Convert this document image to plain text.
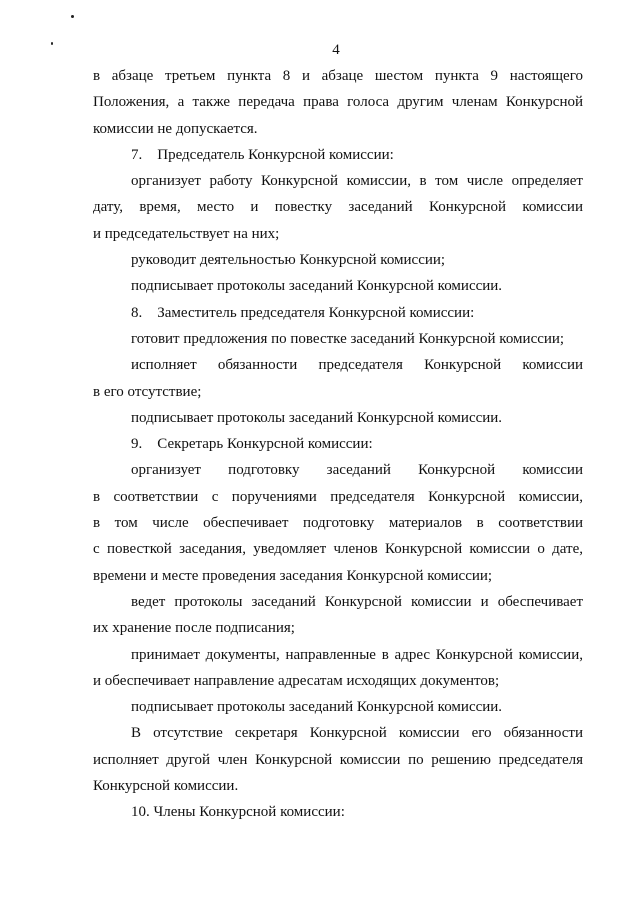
4
в абзаце третьем пункта 8 и абзаце шестом пункта 9 настоящего
Положения, а также передача права голоса другим членам Конкурсной
комиссии не допускается.
7.    Председатель Конкурсной комиссии:
организует работу Конкурсной комиссии, в том числе определяет
дату, время, место и повестку заседаний Конкурсной комиссии
и председательствует на них;
руководит деятельностью Конкурсной комиссии;
подписывает протоколы заседаний Конкурсной комиссии.
8.    Заместитель председателя Конкурсной комиссии:
готовит предложения по повестке заседаний Конкурсной комиссии;
исполняет обязанности председателя Конкурсной комиссии
в его отсутствие;
подписывает протоколы заседаний Конкурсной комиссии.
9.    Секретарь Конкурсной комиссии:
организует подготовку заседаний Конкурсной комиссии
в соответствии с поручениями председателя Конкурсной комиссии,
в том числе обеспечивает подготовку материалов в соответствии
с повесткой заседания, уведомляет членов Конкурсной комиссии о дате,
времени и месте проведения заседания Конкурсной комиссии;
ведет протоколы заседаний Конкурсной комиссии и обеспечивает
их хранение после подписания;
принимает документы, направленные в адрес Конкурсной комиссии,
и обеспечивает направление адресатам исходящих документов;
подписывает протоколы заседаний Конкурсной комиссии.
В отсутствие секретаря Конкурсной комиссии его обязанности
исполняет другой член Конкурсной комиссии по решению председателя
Конкурсной комиссии.
10. Члены Конкурсной комиссии:
